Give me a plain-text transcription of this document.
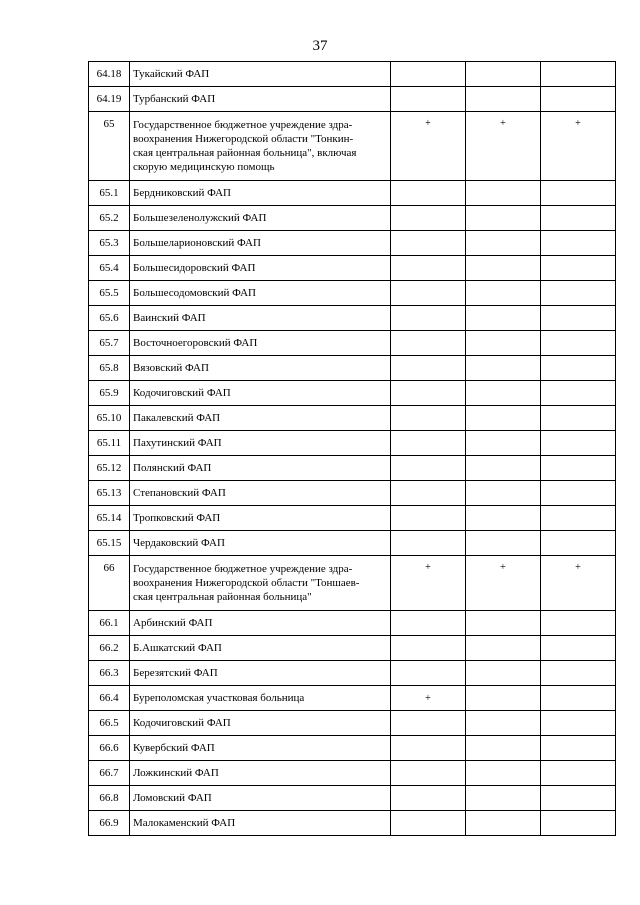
37
64.18	Тукайский ФАП			
64.19	Турбанский ФАП			
65	Государственное бюджетное учреждение здра-
воохранения Нижегородской области "Тонкин-
ская центральная районная больница", включая
скорую медицинскую помощь	+	+	+
65.1	Бердниковский ФАП			
65.2	Большезеленолужский ФАП			
65.3	Большеларионовский ФАП			
65.4	Большесидоровский ФАП			
65.5	Большесодомовский ФАП			
65.6	Ваинский ФАП			
65.7	Восточноегоровский ФАП			
65.8	Вязовский ФАП			
65.9	Кодочиговский ФАП			
65.10	Пакалевский ФАП			
65.11	Пахутинский ФАП			
65.12	Полянский ФАП			
65.13	Степановский ФАП			
65.14	Тропковский ФАП			
65.15	Чердаковский ФАП			
66	Государственное бюджетное учреждение здра-
воохранения Нижегородской области "Тоншаев-
ская центральная районная больница"	+	+	+
66.1	Арбинский ФАП			
66.2	Б.Ашкатский ФАП			
66.3	Березятский ФАП			
66.4	Буреполомская участковая больница	+		
66.5	Кодочиговский ФАП			
66.6	Кувербский ФАП			
66.7	Ложкинский ФАП			
66.8	Ломовский ФАП			
66.9	Малокаменский ФАП			
